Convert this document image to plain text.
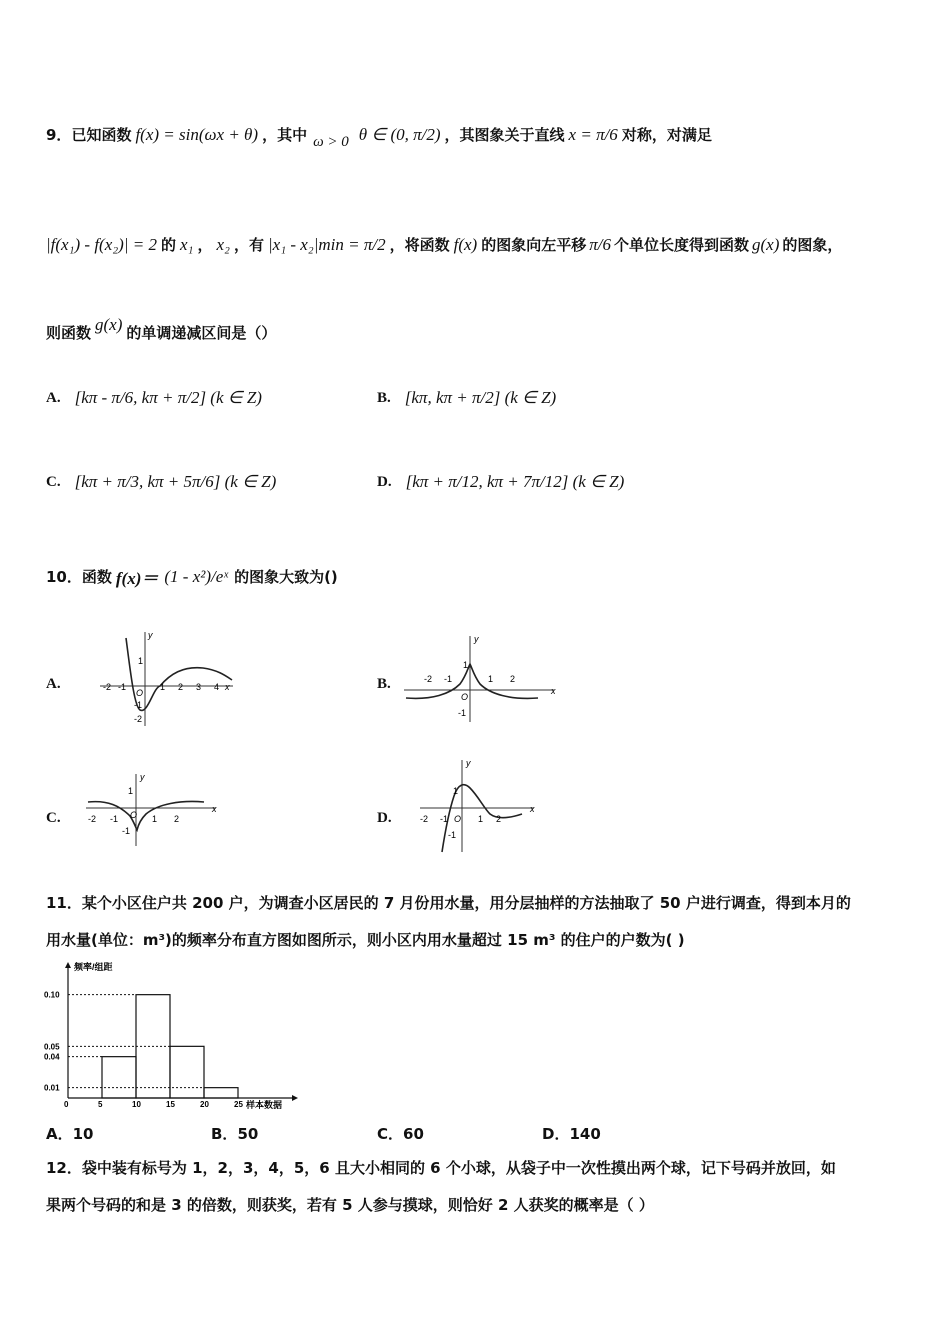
9． 已知函数 f(x) = sin(ωx + θ) ，其中 ω > 0 θ ∈ (0, π/2) ，其图象关于直线 x = π/6 对称，对满足
|f(x₁) - f(x₂)| = 2 的 x₁ ， x₂ ，有 |x₁ - x₂|min = π/2 ，将函数 f(x) 的图象向左平移 π/6 个单位长度得到函数 g(x) 的图象，
则函数 g(x) 的单调递减区间是（）
A. [kπ - π/6, kπ + π/2] (k ∈ Z)	B. [kπ, kπ + π/2] (k ∈ Z)
C. [kπ + π/3, kπ + 5π/6] (k ∈ Z)	D. [kπ + π/12, kπ + 7π/12] (k ∈ Z)
10． 函数 f(x)＝ (1 - x²)/eˣ 的图象大致为()
A.	-2 -1
O
1 2 3 4
1
-1
-2
x
y
B.	-2 -1
O
1 2
1
-1
x
y
C.	-2 -1 O 1 2
1
-1
x
y
D.	-2 -1 O 1 2
1
-1
x
y
11．某个小区住户共 200 户，为调查小区居民的 7 月份用水量，用分层抽样的方法抽取了 50 户进行调查，得到本月的
用水量(单位：m³)的频率分布直方图如图所示，则小区内用水量超过 15 m³ 的住户的户数为( )
频率/组距
样本数据
0.10
0.05
0.04
0.01
0	5	10	15	20	25
A．10	B．50	C．60	D．140
12．袋中装有标号为 1，2，3，4，5，6 且大小相同的 6 个小球，从袋子中一次性摸出两个球，记下号码并放回，如
果两个号码的和是 3 的倍数，则获奖，若有 5 人参与摸球，则恰好 2 人获奖的概率是（ ）
